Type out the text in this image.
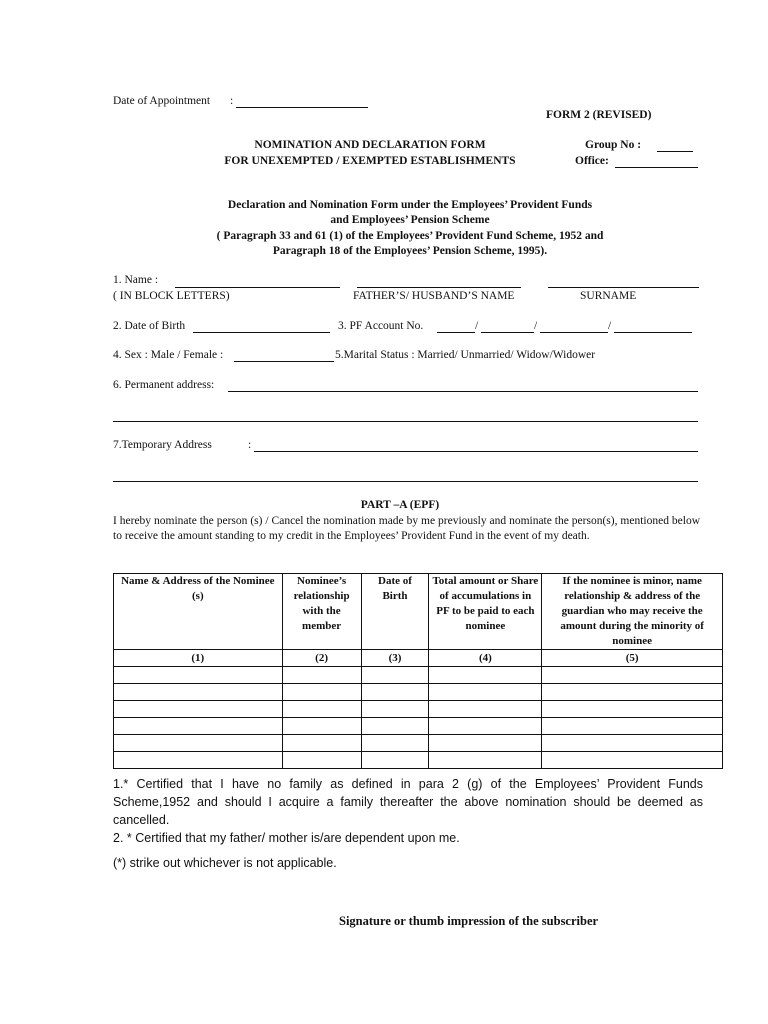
Date of Appointment :
FORM 2 (REVISED)
NOMINATION AND DECLARATION FORM
FOR UNEXEMPTED / EXEMPTED ESTABLISHMENTS
Group No :
Office:
Declaration and Nomination Form under the Employees’ Provident Funds
and Employees’ Pension Scheme
( Paragraph 33 and 61 (1) of the Employees’ Provident Fund Scheme, 1952 and
Paragraph 18 of the Employees’ Pension Scheme, 1995).
1. Name :
( IN BLOCK LETTERS)	FATHER’S/ HUSBAND’S NAME	SURNAME
2. Date of Birth	3. PF Account No.	/	/	/
4. Sex : Male / Female :	5.Marital Status : Married/ Unmarried/ Widow/Widower
6. Permanent address:
7.Temporary Address	:
PART –A (EPF)
I hereby nominate the person (s) / Cancel the nomination made by me previously and nominate the person(s), mentioned below to receive the amount standing to my credit in the Employees’ Provident Fund in the event of my death.
Name & Address of the Nominee (s)	Nominee’s relationship with the member	Date of Birth	Total amount or Share of accumulations in PF to be paid to each nominee	If the nominee is minor, name relationship & address of the guardian who may receive the amount during the minority of nominee
(1)	(2)	(3)	(4)	(5)

1.* Certified that I have no family as defined in para 2 (g) of the Employees’ Provident Funds Scheme,1952 and should I acquire a family thereafter the above nomination should be deemed as cancelled.
2. * Certified that my father/ mother is/are dependent upon me.
(*) strike out whichever is not applicable.
Signature or thumb impression of the subscriber
